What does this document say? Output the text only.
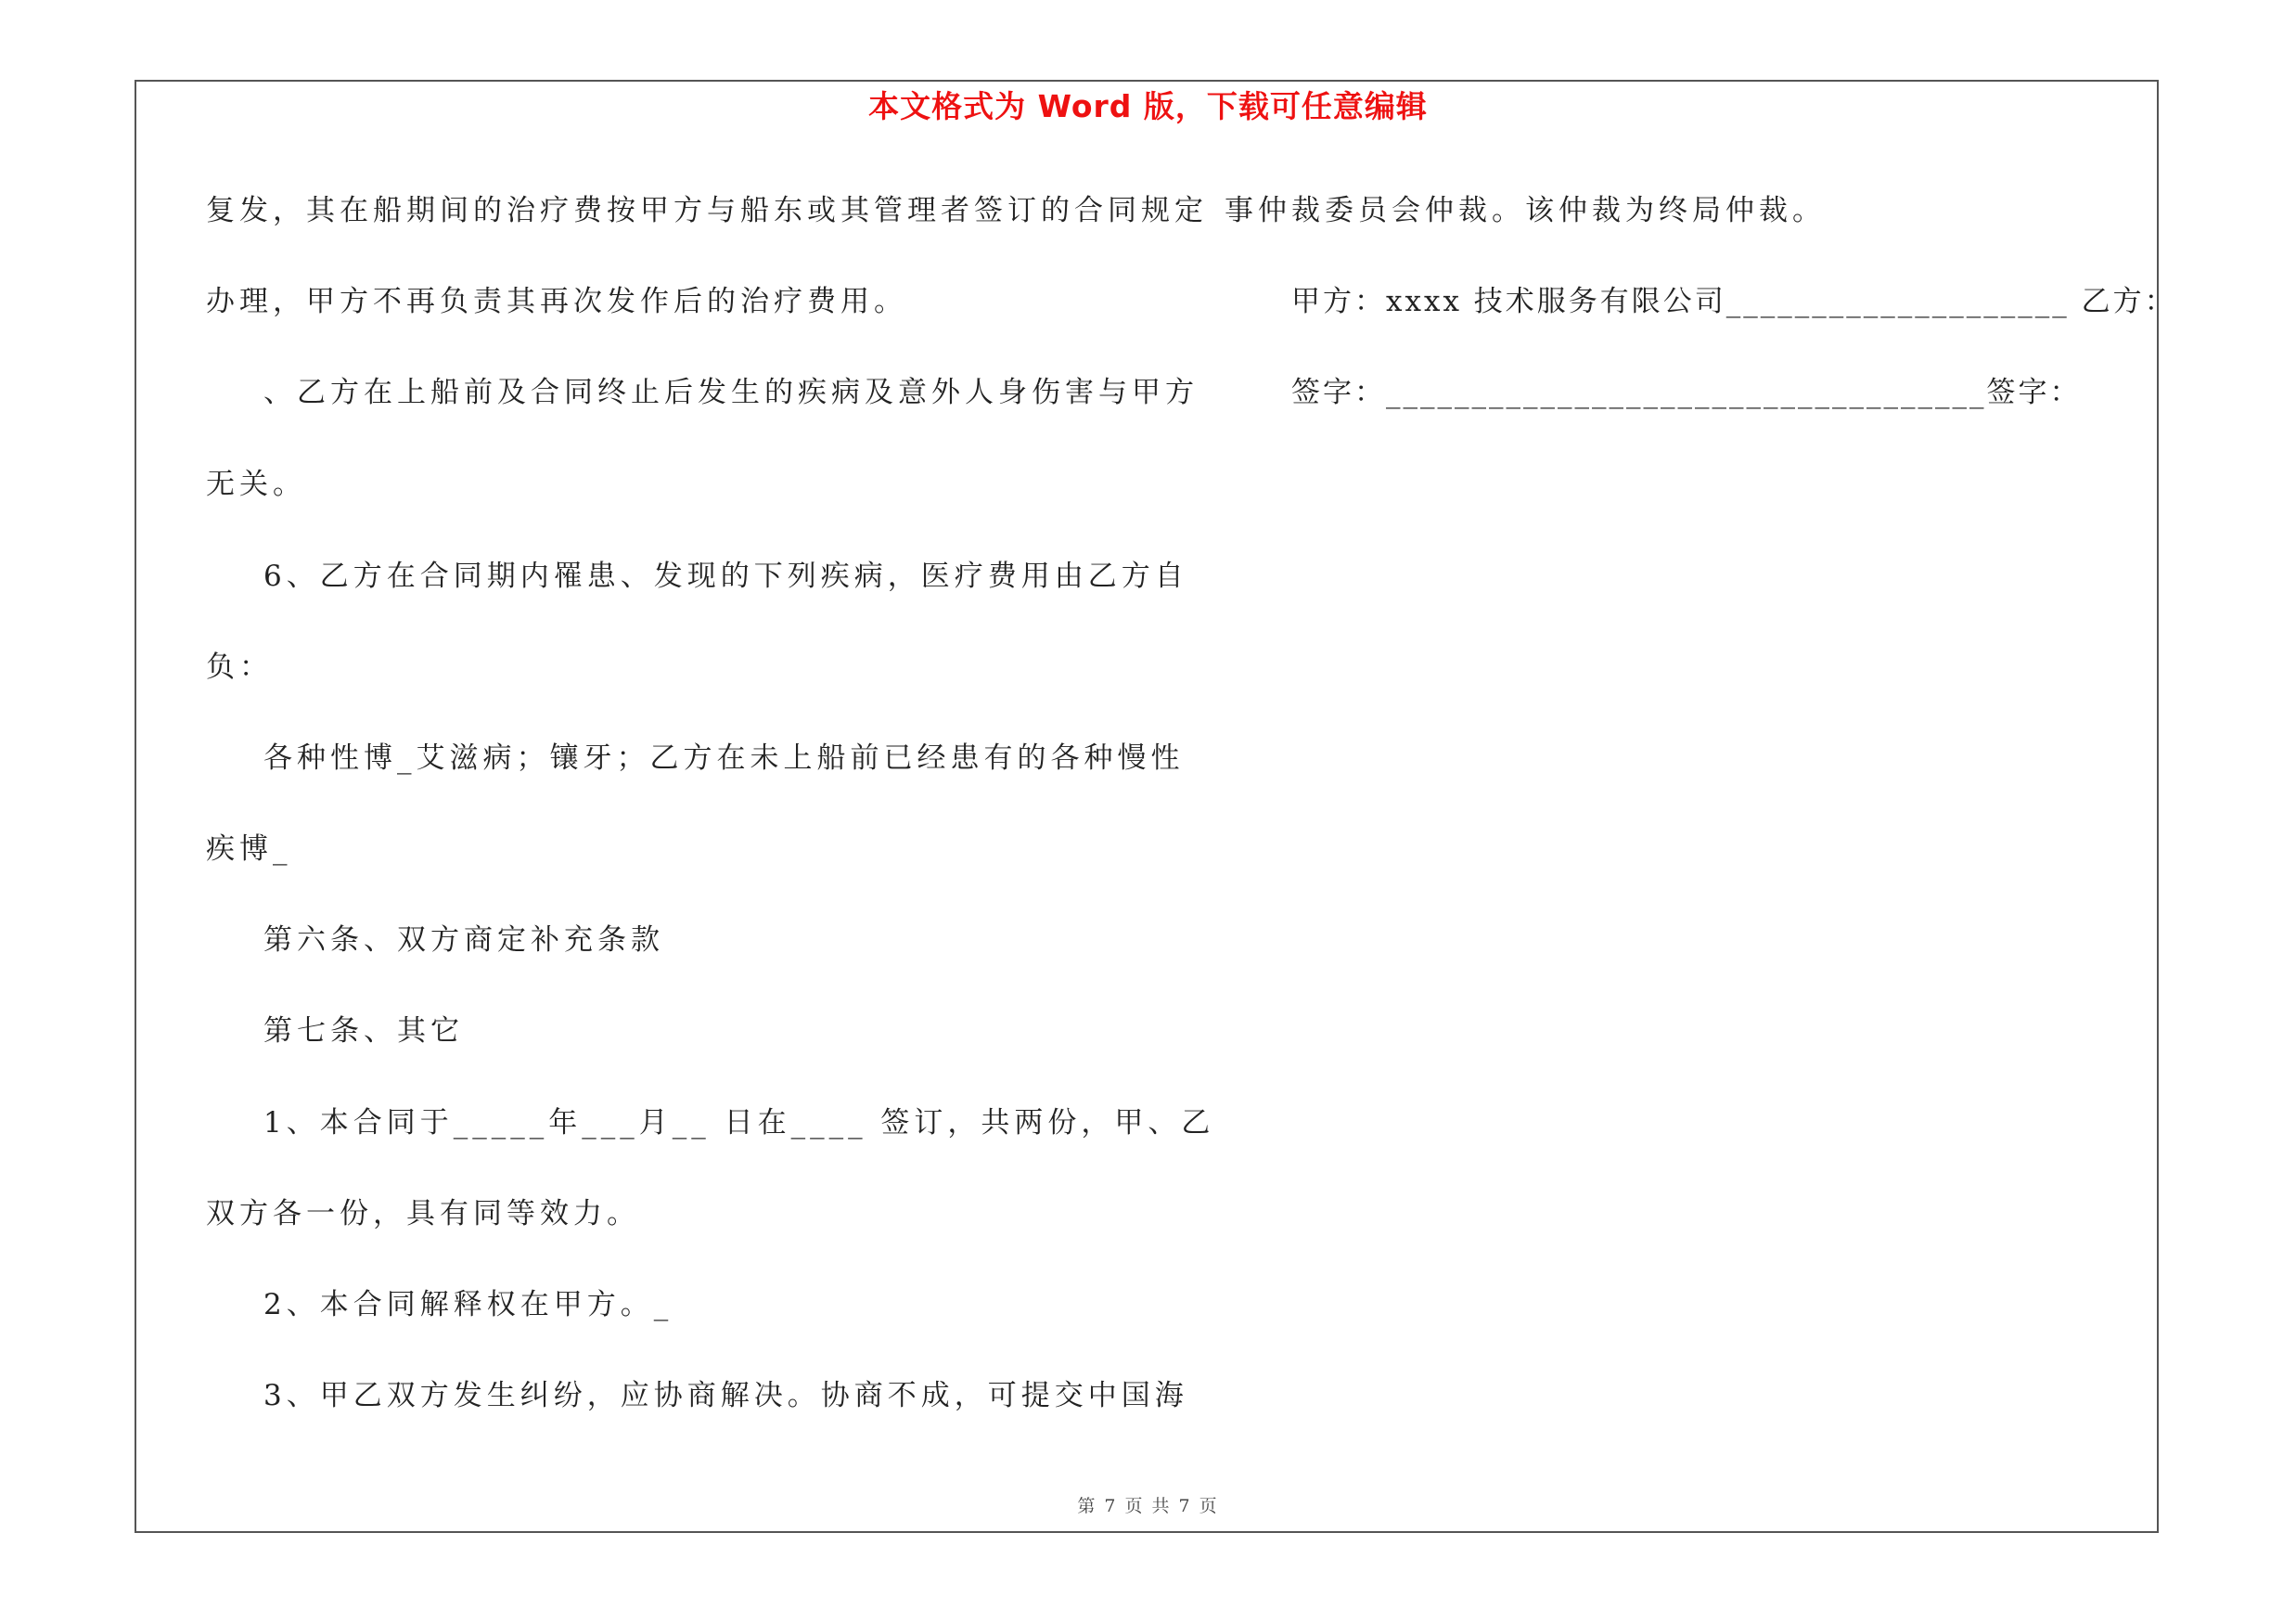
本文格式为 Word 版，下载可任意编辑
复发，其在船期间的治疗费按甲方与船东或其管理者签订的合同规定
办理，甲方不再负责其再次发作后的治疗费用。
、乙方在上船前及合同终止后发生的疾病及意外人身伤害与甲方
无关。
6、乙方在合同期内罹患、发现的下列疾病，医疗费用由乙方自
负：
各种性博_艾滋病；镶牙；乙方在未上船前已经患有的各种慢性
疾博_
第六条、双方商定补充条款
第七条、其它
1、本合同于_____年___月__ 日在____ 签订，共两份，甲、乙
双方各一份，具有同等效力。
2、本合同解释权在甲方。_
3、甲乙双方发生纠纷，应协商解决。协商不成，可提交中国海
事仲裁委员会仲裁。该仲裁为终局仲裁。
甲方：xxxx 技术服务有限公司____________________ 乙方：
签字：___________________________________签字：
第 7 页 共 7 页
